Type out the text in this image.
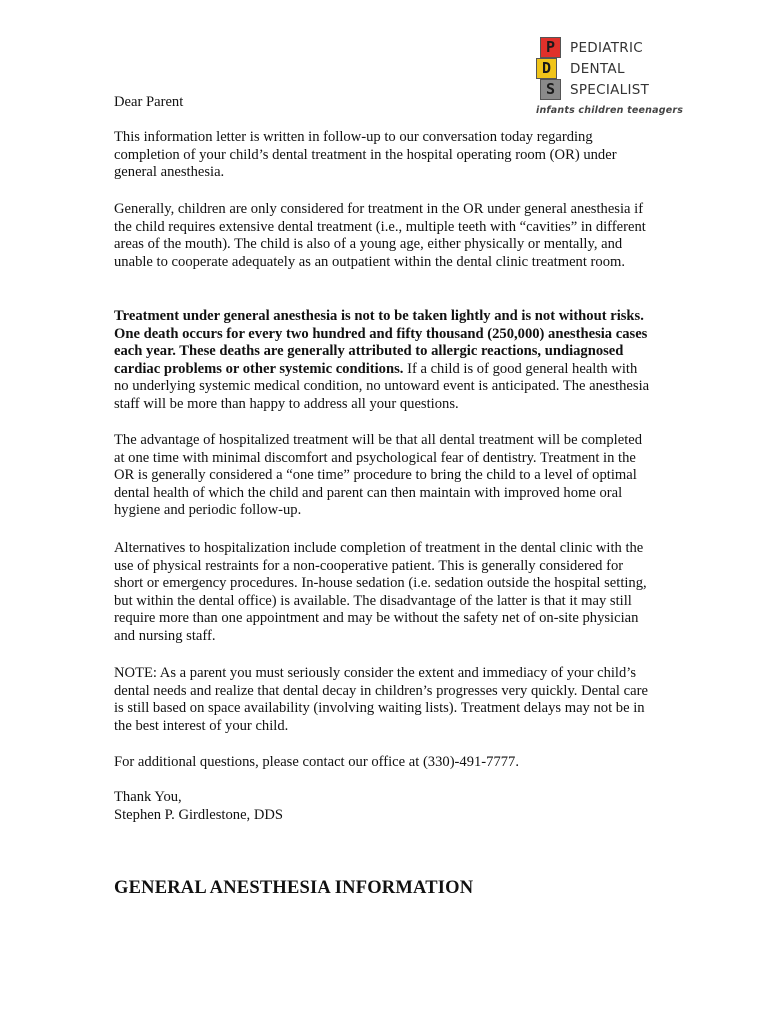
P
D
S
PEDIATRIC
DENTAL
SPECIALIST
infants children teenagers

Dear Parent

This information letter is written in follow-up to our conversation today regarding completion of your child’s dental treatment in the hospital operating room (OR) under general anesthesia.

Generally, children are only considered for treatment in the OR under general anesthesia if the child requires extensive dental treatment (i.e., multiple teeth with “cavities” in different areas of the mouth). The child is also of a young age, either physically or mentally, and unable to cooperate adequately as an outpatient within the dental clinic treatment room.

Treatment under general anesthesia is not to be taken lightly and is not without risks. One death occurs for every two hundred and fifty thousand (250,000) anesthesia cases each year. These deaths are generally attributed to allergic reactions, undiagnosed cardiac problems or other systemic conditions. If a child is of good general health with no underlying systemic medical condition, no untoward event is anticipated. The anesthesia staff will be more than happy to address all your questions.

The advantage of hospitalized treatment will be that all dental treatment will be completed at one time with minimal discomfort and psychological fear of dentistry. Treatment in the OR is generally considered a “one time” procedure to bring the child to a level of optimal dental health of which the child and parent can then maintain with improved home oral hygiene and periodic follow-up.

Alternatives to hospitalization include completion of treatment in the dental clinic with the use of physical restraints for a non-cooperative patient. This is generally considered for short or emergency procedures. In-house sedation (i.e. sedation outside the hospital setting, but within the dental office) is available. The disadvantage of the latter is that it may still require more than one appointment and may be without the safety net of on-site physician and nursing staff.

NOTE: As a parent you must seriously consider the extent and immediacy of your child’s dental needs and realize that dental decay in children’s progresses very quickly. Dental care is still based on space availability (involving waiting lists). Treatment delays may not be in the best interest of your child.

For additional questions, please contact our office at (330)-491-7777.

Thank You,

Stephen P. Girdlestone, DDS

GENERAL ANESTHESIA INFORMATION
